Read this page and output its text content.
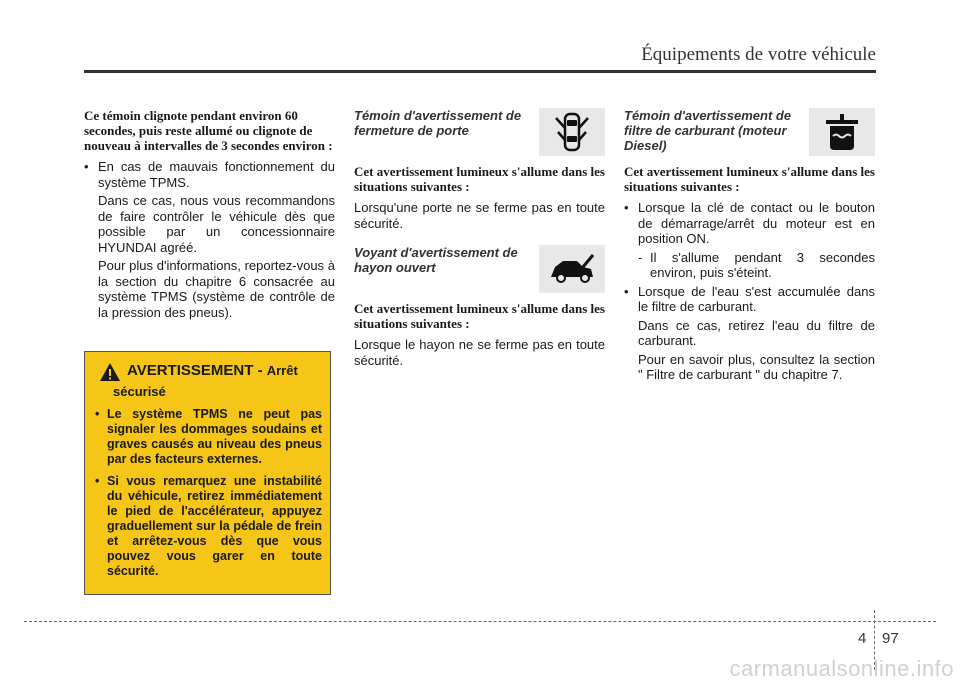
Équipements de votre véhicule

Ce témoin clignote pendant environ 60 secondes, puis reste allumé ou clignote de nouveau à intervalles de 3 secondes environ :

• En cas de mauvais fonctionnement du système TPMS.

Dans ce cas, nous vous recommandons de faire contrôler le véhicule dès que possible par un concessionnaire HYUNDAI agréé.

Pour plus d'informations, reportez-vous à la section du chapitre 6 consacrée au système TPMS (système de contrôle de la pression des pneus).

AVERTISSEMENT - Arrêt
sécurisé
• Le système TPMS ne peut pas signaler les dommages soudains et graves causés au niveau des pneus par des facteurs externes.
• Si vous remarquez une instabilité du véhicule, retirez immédiatement le pied de l'accélérateur, appuyez graduellement sur la pédale de frein et arrêtez-vous dès que vous pouvez vous garer en toute sécurité.
Témoin d'avertissement de fermeture de porte

Cet avertissement lumineux s'allume dans les situations suivantes :

Lorsqu'une porte ne se ferme pas en toute sécurité.

Voyant d'avertissement de hayon ouvert

Cet avertissement lumineux s'allume dans les situations suivantes :

Lorsque le hayon ne se ferme pas en toute sécurité.

Témoin d'avertissement de filtre de carburant (moteur Diesel)

Cet avertissement lumineux s'allume dans les situations suivantes :

• Lorsque la clé de contact ou le bouton de démarrage/arrêt du moteur est en position ON.

- Il s'allume pendant 3 secondes environ, puis s'éteint.

• Lorsque de l'eau s'est accumulée dans le filtre de carburant.

Dans ce cas, retirez l'eau du filtre de carburant.

Pour en savoir plus, consultez la section " Filtre de carburant " du chapitre 7.

4 97
carmanualsonline.info
